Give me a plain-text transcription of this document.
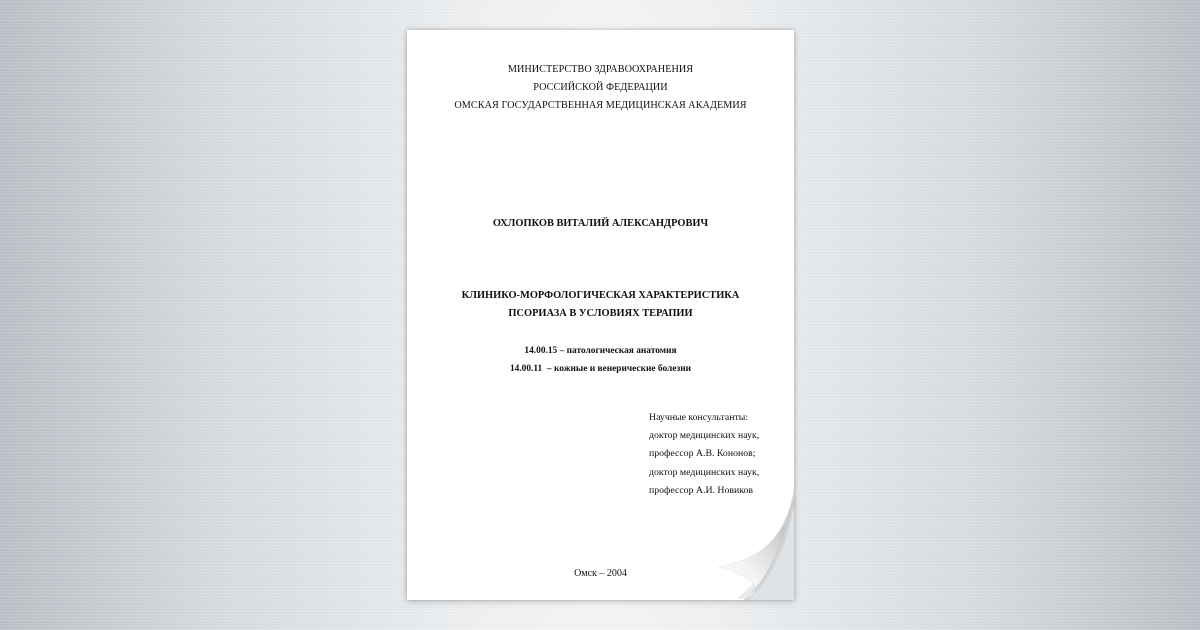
МИНИСТЕРСТВО ЗДРАВООХРАНЕНИЯ
РОССИЙСКОЙ ФЕДЕРАЦИИ
ОМСКАЯ ГОСУДАРСТВЕННАЯ МЕДИЦИНСКАЯ АКАДЕМИЯ
ОХЛОПКОВ ВИТАЛИЙ АЛЕКСАНДРОВИЧ
КЛИНИКО-МОРФОЛОГИЧЕСКАЯ ХАРАКТЕРИСТИКА
ПСОРИАЗА В УСЛОВИЯХ ТЕРАПИИ
14.00.15 – патологическая анатомия
14.00.11  – кожные и венерические болезни
Научные консультанты:
доктор медицинских наук,
профессор А.В. Кононов;
доктор медицинских наук,
профессор А.И. Новиков
Омск – 2004
